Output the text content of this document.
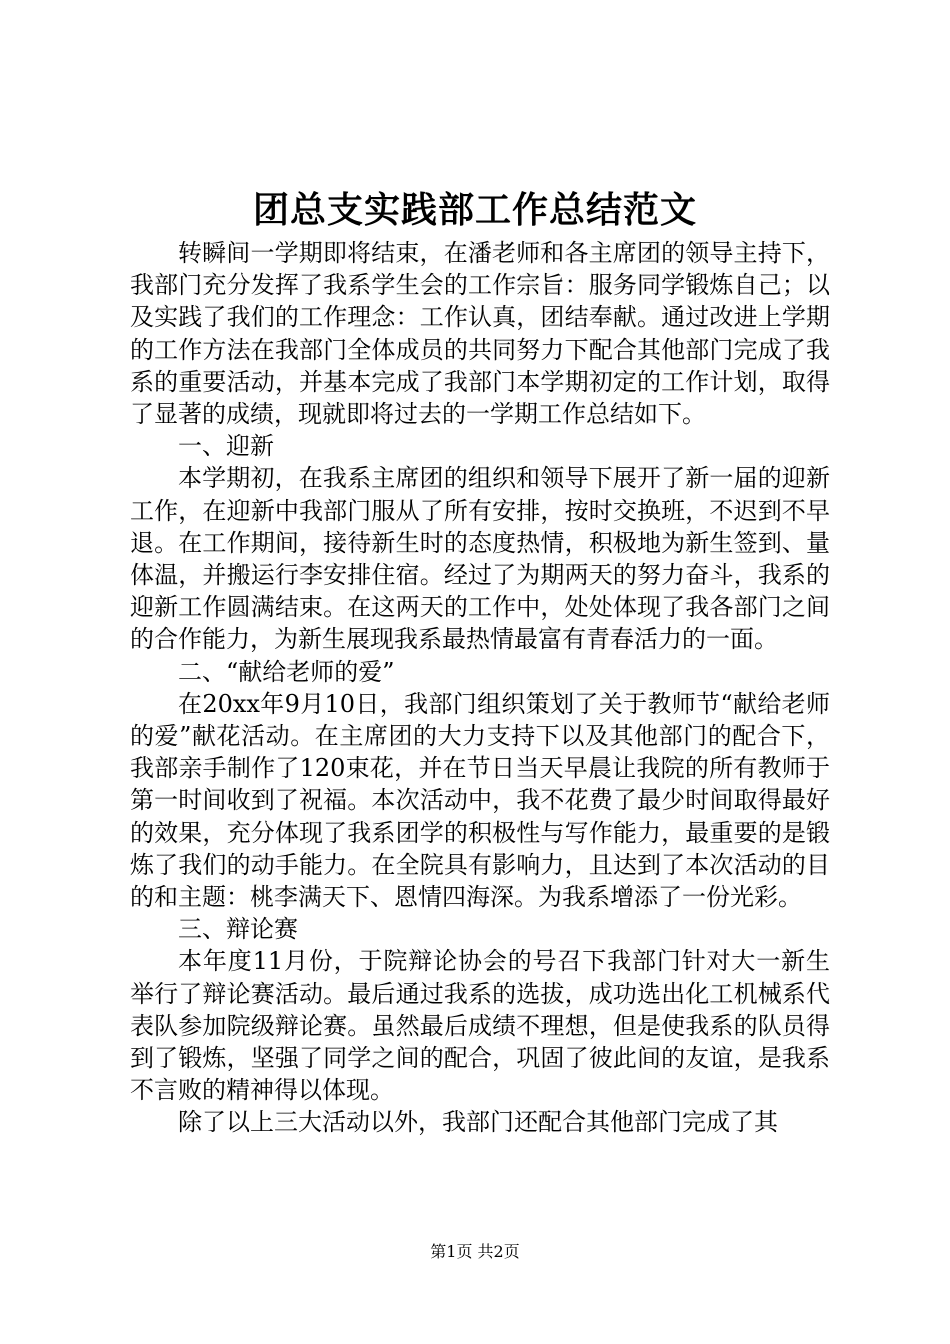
团总支实践部工作总结范文

转瞬间一学期即将结束，在潘老师和各主席团的领导主持下，我部门充分发挥了我系学生会的工作宗旨：服务同学锻炼自己；以及实践了我们的工作理念：工作认真，团结奉献。通过改进上学期的工作方法在我部门全体成员的共同努力下配合其他部门完成了我系的重要活动，并基本完成了我部门本学期初定的工作计划，取得了显著的成绩，现就即将过去的一学期工作总结如下。

一、迎新

本学期初，在我系主席团的组织和领导下展开了新一届的迎新工作，在迎新中我部门服从了所有安排，按时交换班，不迟到不早退。在工作期间，接待新生时的态度热情，积极地为新生签到、量体温，并搬运行李安排住宿。经过了为期两天的努力奋斗，我系的迎新工作圆满结束。在这两天的工作中，处处体现了我各部门之间的合作能力，为新生展现我系最热情最富有青春活力的一面。

二、“献给老师的爱”

在20xx年9月10日，我部门组织策划了关于教师节“献给老师的爱”献花活动。在主席团的大力支持下以及其他部门的配合下，我部亲手制作了120束花，并在节日当天早晨让我院的所有教师于第一时间收到了祝福。本次活动中，我不花费了最少时间取得最好的效果，充分体现了我系团学的积极性与写作能力，最重要的是锻炼了我们的动手能力。在全院具有影响力，且达到了本次活动的目的和主题：桃李满天下、恩情四海深。为我系增添了一份光彩。

三、辩论赛

本年度11月份，于院辩论协会的号召下我部门针对大一新生举行了辩论赛活动。最后通过我系的选拔，成功选出化工机械系代表队参加院级辩论赛。虽然最后成绩不理想，但是使我系的队员得到了锻炼，坚强了同学之间的配合，巩固了彼此间的友谊，是我系不言败的精神得以体现。

除了以上三大活动以外，我部门还配合其他部门完成了其

第1页 共2页
